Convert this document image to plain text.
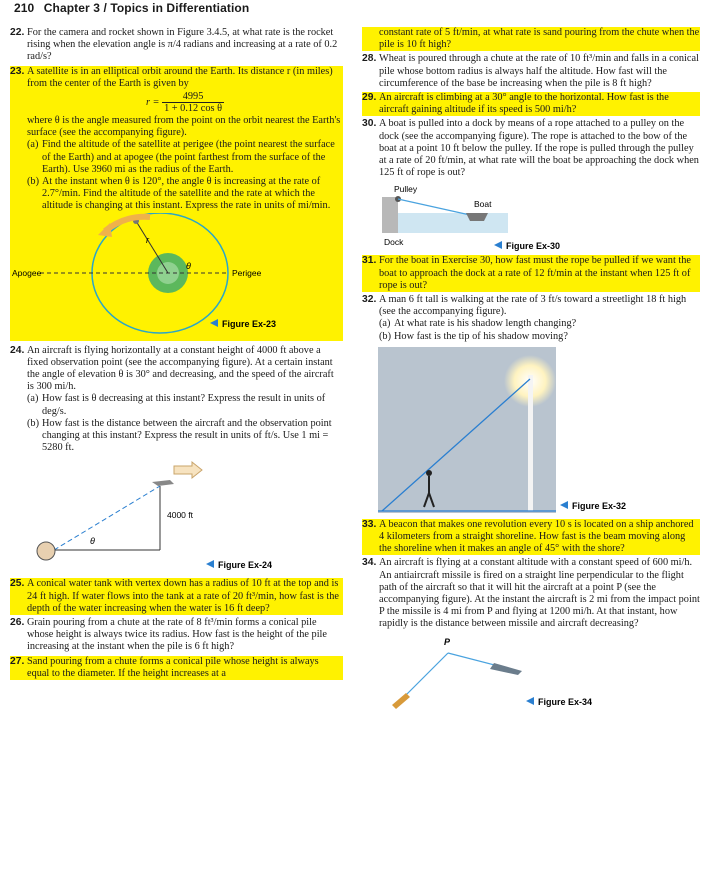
210 Chapter 3 / Topics in Differentiation
22. For the camera and rocket shown in Figure 3.4.5, at what rate is the rocket rising when the elevation angle is π/4 radians and increasing at a rate of 0.2 rad/s?
23. A satellite is in an elliptical orbit around the Earth. Its distance r (in miles) from the center of the Earth is given by
$r = \frac{4995}{\text{1 + 0.12 cos θ}}$
where θ is the angle measured from the point on the orbit nearest the Earth's surface (see the accompanying figure).
(a) Find the altitude of the satellite at perigee (the point nearest the surface of the Earth) and at apogee (the point farthest from the surface of the Earth). Use 3960 mi as the radius of the Earth.
(b) At the instant when θ is 120°, the angle θ is increasing at the rate of 2.7°/min. Find the altitude of the satellite and the rate at which the altitude is changing at this instant. Express the rate in units of mi/min.
r
θ
Apogee	Perigee
Figure Ex-23
24. An aircraft is flying horizontally at a constant height of 4000 ft above a fixed observation point (see the accompanying figure). At a certain instant the angle of elevation θ is 30° and decreasing, and the speed of the aircraft is 300 mi/h.
(a) How fast is θ decreasing at this instant? Express the result in units of deg/s.
(b) How fast is the distance between the aircraft and the observation point changing at this instant? Express the result in units of ft/s. Use 1 mi = 5280 ft.
4000 ft
θ
Figure Ex-24
25. A conical water tank with vertex down has a radius of 10 ft at the top and is 24 ft high. If water flows into the tank at a rate of 20 ft³/min, how fast is the depth of the water increasing when the water is 16 ft deep?
26. Grain pouring from a chute at the rate of 8 ft³/min forms a conical pile whose height is always twice its radius. How fast is the height of the pile increasing at the instant when the pile is 6 ft high?
27. Sand pouring from a chute forms a conical pile whose height is always equal to the diameter. If the height increases at a
constant rate of 5 ft/min, at what rate is sand pouring from the chute when the pile is 10 ft high?
28. Wheat is poured through a chute at the rate of 10 ft³/min and falls in a conical pile whose bottom radius is always half the altitude. How fast will the circumference of the base be increasing when the pile is 8 ft high?
29. An aircraft is climbing at a 30° angle to the horizontal. How fast is the aircraft gaining altitude if its speed is 500 mi/h?
30. A boat is pulled into a dock by means of a rope attached to a pulley on the dock (see the accompanying figure). The rope is attached to the bow of the boat at a point 10 ft below the pulley. If the rope is pulled through the pulley at a rate of 20 ft/min, at what rate will the boat be approaching the dock when 125 ft of rope is out?
Pulley
Boat
Dock	Figure Ex-30
31. For the boat in Exercise 30, how fast must the rope be pulled if we want the boat to approach the dock at a rate of 12 ft/min at the instant when 125 ft of rope is out?
32. A man 6 ft tall is walking at the rate of 3 ft/s toward a streetlight 18 ft high (see the accompanying figure).
(a) At what rate is his shadow length changing?
(b) How fast is the tip of his shadow moving?
Figure Ex-32
33. A beacon that makes one revolution every 10 s is located on a ship anchored 4 kilometers from a straight shoreline. How fast is the beam moving along the shoreline when it makes an angle of 45° with the shore?
34. An aircraft is flying at a constant altitude with a constant speed of 600 mi/h. An antiaircraft missile is fired on a straight line perpendicular to the flight path of the aircraft so that it will hit the aircraft at a point P (see the accompanying figure). At the instant the aircraft is 2 mi from the impact point P the missile is 4 mi from P and flying at 1200 mi/h. At that instant, how rapidly is the distance between missile and aircraft decreasing?
P
Figure Ex-34
